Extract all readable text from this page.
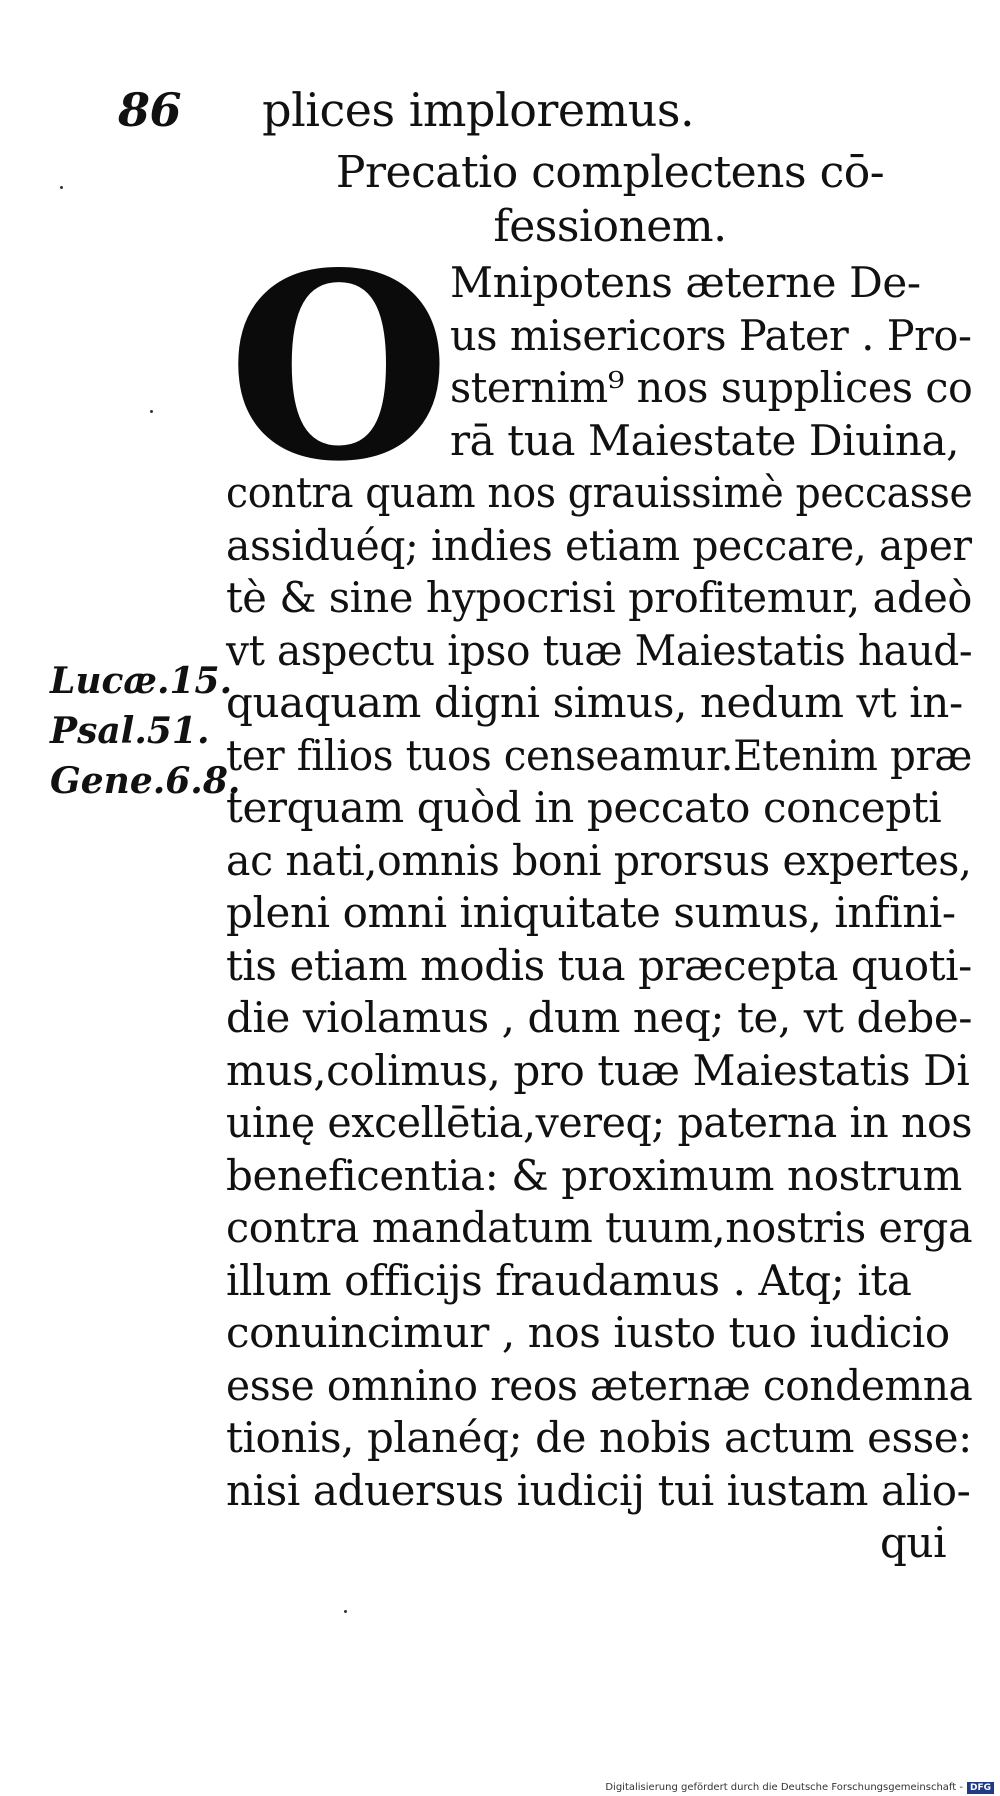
86 plices imploremus.
Precatio complectens cō-
fessionem.
O Mnipotens æterne De-
us misericors Pater . Pro-
sternim⁹ nos supplices co
rā tua Maiestate Diuina,
contra quam nos grauissimè peccasse
assiduéq; indies etiam peccare, aper
tè & sine hypocrisi profitemur, adeò
vt aspectu ipso tuæ Maiestatis haud-
quaquam digni simus, nedum vt in-
ter filios tuos censeamur.Etenim præ
terquam quòd in peccato concepti
ac nati,omnis boni prorsus expertes,
pleni omni iniquitate sumus, infini-
tis etiam modis tua præcepta quoti-
die violamus , dum neq; te, vt debe-
mus,colimus, pro tuæ Maiestatis Di
uinę excellētia,vereq; paterna in nos
beneficentia: & proximum nostrum
contra mandatum tuum,nostris erga
illum officijs fraudamus . Atq; ita
conuincimur , nos iusto tuo iudicio
esse omnino reos æternæ condemna
tionis, planéq; de nobis actum esse:
nisi aduersus iudicij tui iustam alio-
qui
Lucæ.15.
Psal.51.
Gene.6.8.
Digitalisierung gefördert durch die Deutsche Forschungsgemeinschaft - DFG
